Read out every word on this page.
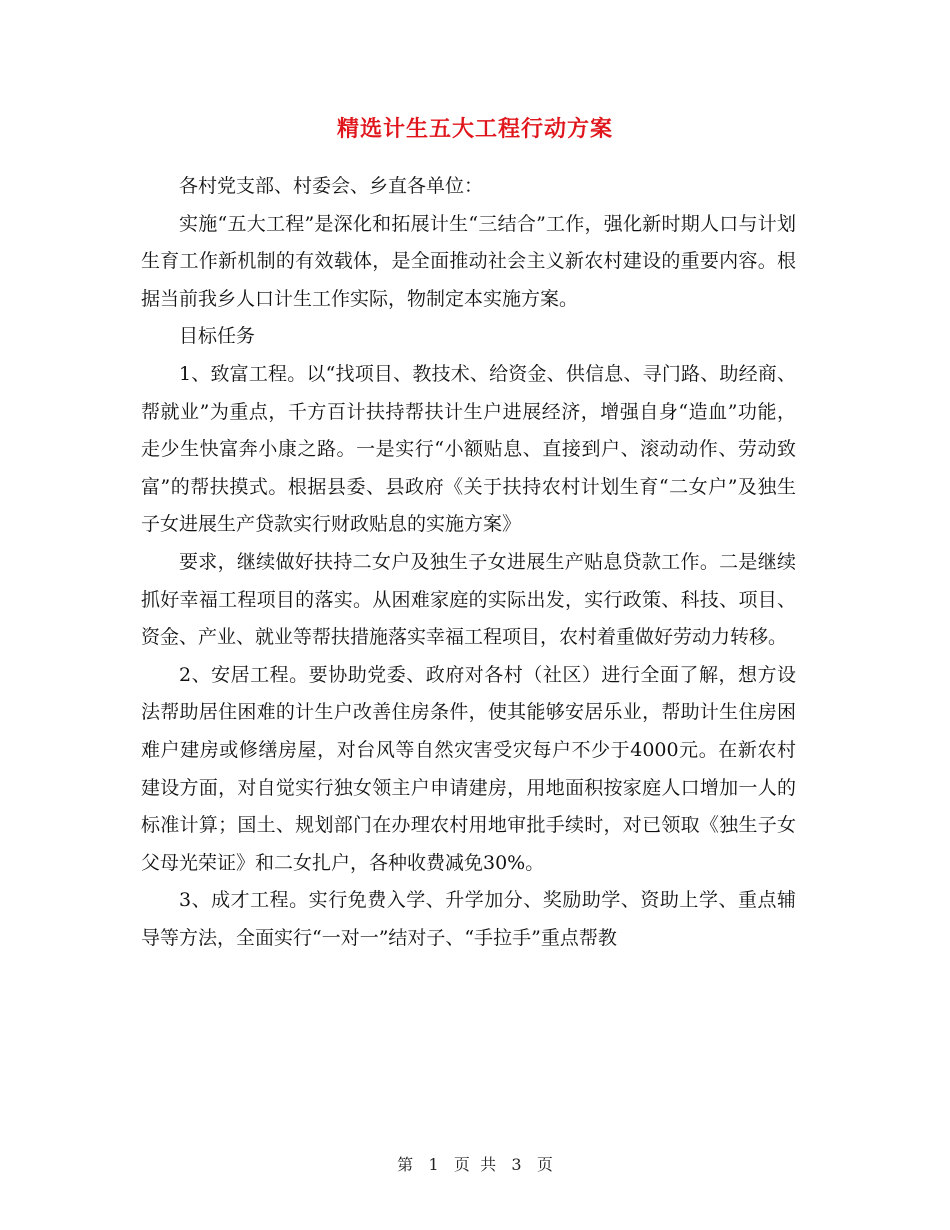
精选计生五大工程行动方案

各村党支部、村委会、乡直各单位：

实施“五大工程”是深化和拓展计生“三结合”工作，强化新时期人口与计划生育工作新机制的有效载体，是全面推动社会主义新农村建设的重要内容。根据当前我乡人口计生工作实际，物制定本实施方案。

目标任务

1、致富工程。以“找项目、教技术、给资金、供信息、寻门路、助经商、帮就业”为重点，千方百计扶持帮扶计生户进展经济，增强自身“造血”功能，走少生快富奔小康之路。一是实行“小额贴息、直接到户、滚动动作、劳动致富”的帮扶摸式。根据县委、县政府《关于扶持农村计划生育“二女户”及独生子女进展生产贷款实行财政贴息的实施方案》

要求，继续做好扶持二女户及独生子女进展生产贴息贷款工作。二是继续抓好幸福工程项目的落实。从困难家庭的实际出发，实行政策、科技、项目、资金、产业、就业等帮扶措施落实幸福工程项目，农村着重做好劳动力转移。

2、安居工程。要协助党委、政府对各村（社区）进行全面了解，想方设法帮助居住困难的计生户改善住房条件，使其能够安居乐业，帮助计生住房困难户建房或修缮房屋，对台风等自然灾害受灾每户不少于4000元。在新农村建设方面，对自觉实行独女领主户申请建房，用地面积按家庭人口增加一人的标准计算；国土、规划部门在办理农村用地审批手续时，对已领取《独生子女父母光荣证》和二女扎户，各种收费减免30%。

3、成才工程。实行免费入学、升学加分、奖励助学、资助上学、重点辅导等方法，全面实行“一对一”结对子、“手拉手”重点帮教

第 1 页  共 3 页
